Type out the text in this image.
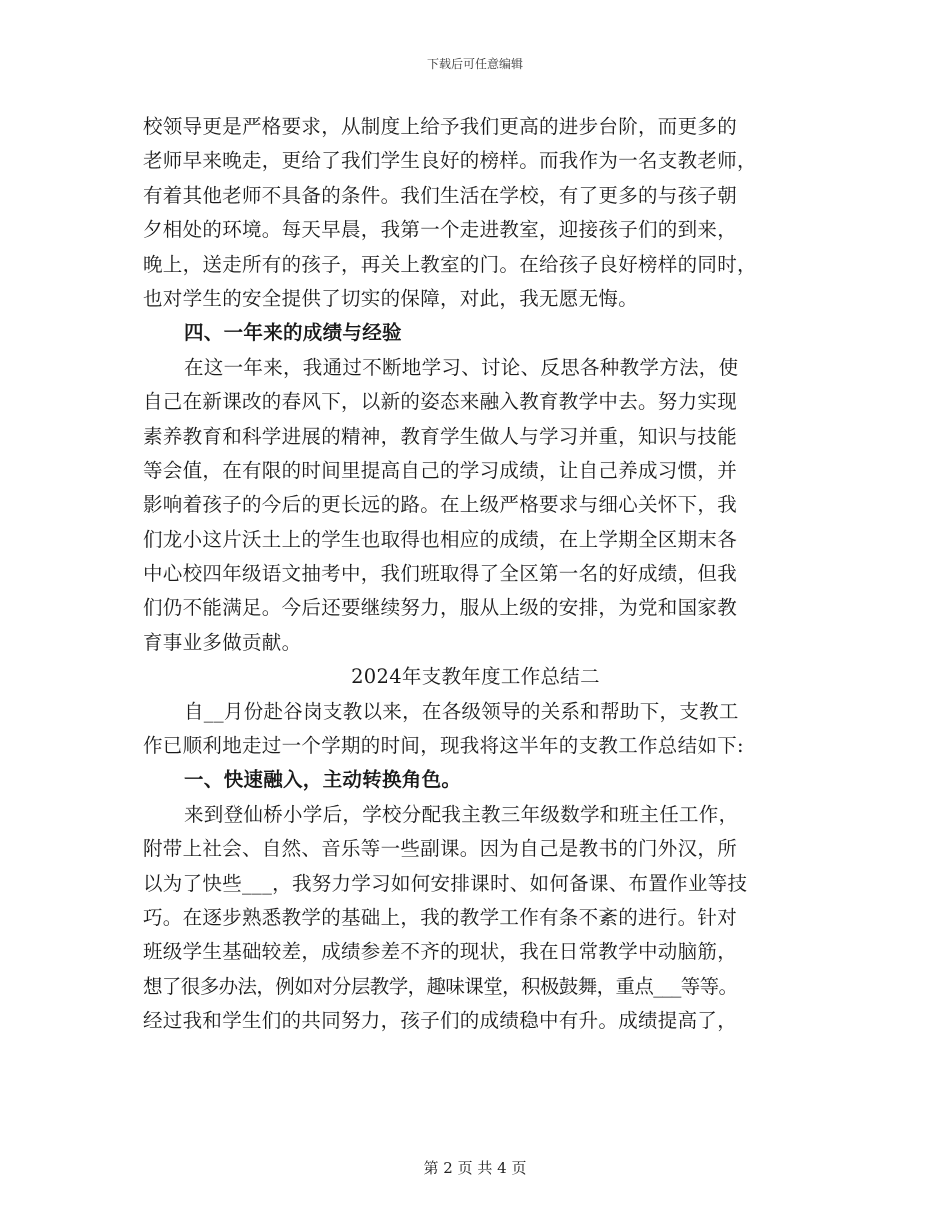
下载后可任意编辑
校领导更是严格要求，从制度上给予我们更高的进步台阶，而更多的
老师早来晚走，更给了我们学生良好的榜样。而我作为一名支教老师，
有着其他老师不具备的条件。我们生活在学校，有了更多的与孩子朝
夕相处的环境。每天早晨，我第一个走进教室，迎接孩子们的到来，
晚上，送走所有的孩子，再关上教室的门。在给孩子良好榜样的同时，
也对学生的安全提供了切实的保障，对此，我无愿无悔。
四、一年来的成绩与经验
在这一年来，我通过不断地学习、讨论、反思各种教学方法，使
自己在新课改的春风下，以新的姿态来融入教育教学中去。努力实现
素养教育和科学进展的精神，教育学生做人与学习并重，知识与技能
等会值，在有限的时间里提高自己的学习成绩，让自己养成习惯，并
影响着孩子的今后的更长远的路。在上级严格要求与细心关怀下，我
们龙小这片沃土上的学生也取得也相应的成绩，在上学期全区期末各
中心校四年级语文抽考中，我们班取得了全区第一名的好成绩，但我
们仍不能满足。今后还要继续努力，服从上级的安排，为党和国家教
育事业多做贡献。
2024年支教年度工作总结二
自__月份赴谷岗支教以来，在各级领导的关系和帮助下，支教工
作已顺利地走过一个学期的时间，现我将这半年的支教工作总结如下:
一、快速融入，主动转换角色。
来到登仙桥小学后，学校分配我主教三年级数学和班主任工作，
附带上社会、自然、音乐等一些副课。因为自己是教书的门外汉，所
以为了快些___，我努力学习如何安排课时、如何备课、布置作业等技
巧。在逐步熟悉教学的基础上，我的教学工作有条不紊的进行。针对
班级学生基础较差，成绩参差不齐的现状，我在日常教学中动脑筋，
想了很多办法，例如对分层教学，趣味课堂，积极鼓舞，重点___等等。
经过我和学生们的共同努力，孩子们的成绩稳中有升。成绩提高了，
第 2 页 共 4 页
